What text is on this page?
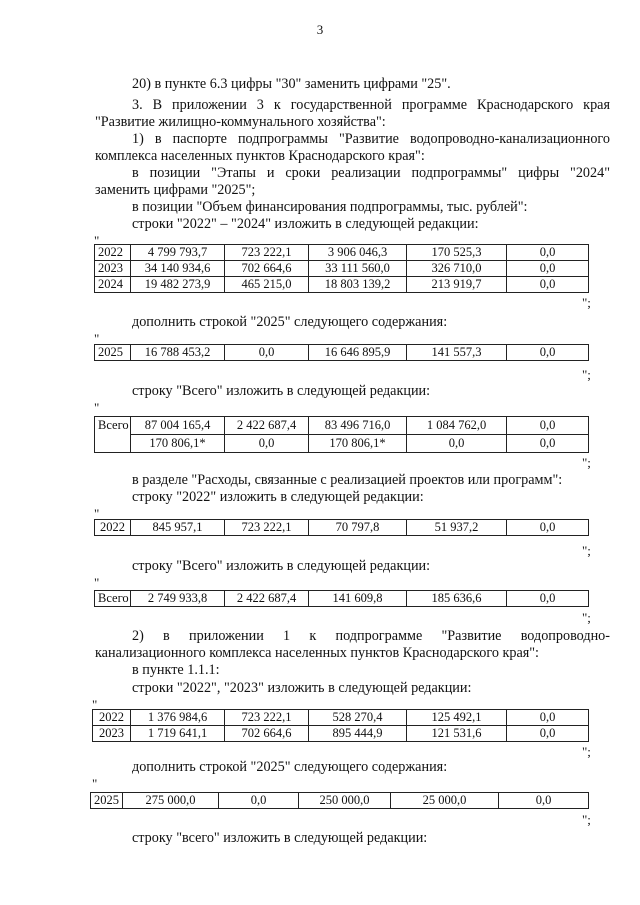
3
20) в пункте 6.3 цифры "30" заменить цифрами "25".
3. В приложении 3 к государственной программе Краснодарского края
"Развитие жилищно-коммунального хозяйства":
1) в паспорте подпрограммы "Развитие водопроводно-канализационного
комплекса населенных пунктов Краснодарского края":
в позиции "Этапы и сроки реализации подпрограммы" цифры "2024"
заменить цифрами "2025";
в позиции "Объем финансирования подпрограммы, тыс. рублей":
строки "2022" – "2024" изложить в следующей редакции:
"
2022	4 799 793,7	723 222,1	3 906 046,3	170 525,3	0,0
2023	34 140 934,6	702 664,6	33 111 560,0	326 710,0	0,0
2024	19 482 273,9	465 215,0	18 803 139,2	213 919,7	0,0
";
дополнить строкой "2025" следующего содержания:
"
2025	16 788 453,2	0,0	16 646 895,9	141 557,3	0,0
";
строку "Всего" изложить в следующей редакции:
"
Всего	87 004 165,4	2 422 687,4	83 496 716,0	1 084 762,0	0,0
	170 806,1*	0,0	170 806,1*	0,0	0,0
";
в разделе "Расходы, связанные с реализацией проектов или программ":
строку "2022" изложить в следующей редакции:
"
2022	845 957,1	723 222,1	70 797,8	51 937,2	0,0
";
строку "Всего" изложить в следующей редакции:
"
Всего	2 749 933,8	2 422 687,4	141 609,8	185 636,6	0,0
";
2) в приложении 1 к подпрограмме "Развитие водопроводно-
канализационного комплекса населенных пунктов Краснодарского края":
в пункте 1.1.1:
строки "2022", "2023" изложить в следующей редакции:
"
2022	1 376 984,6	723 222,1	528 270,4	125 492,1	0,0
2023	1 719 641,1	702 664,6	895 444,9	121 531,6	0,0
";
дополнить строкой "2025" следующего содержания:
"
2025	275 000,0	0,0	250 000,0	25 000,0	0,0
";
строку "всего" изложить в следующей редакции:
